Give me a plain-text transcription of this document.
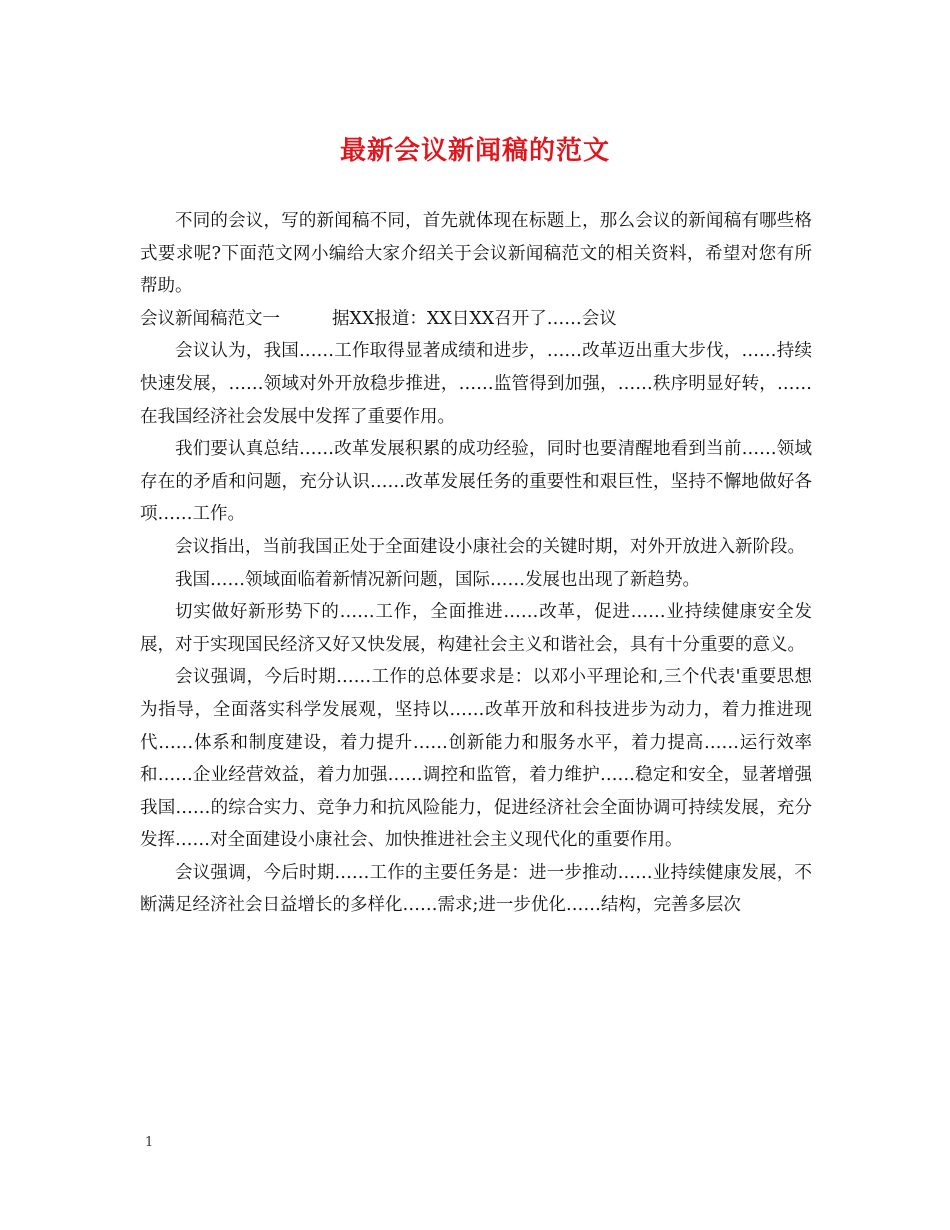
最新会议新闻稿的范文

不同的会议，写的新闻稿不同，首先就体现在标题上，那么会议的新闻稿有哪些格式要求呢?下面范文网小编给大家介绍关于会议新闻稿范文的相关资料，希望对您有所帮助。

会议新闻稿范文一	据XX报道：XX日XX召开了……会议

会议认为，我国……工作取得显著成绩和进步，……改革迈出重大步伐，……持续快速发展，……领域对外开放稳步推进，……监管得到加强，……秩序明显好转，……在我国经济社会发展中发挥了重要作用。

我们要认真总结……改革发展积累的成功经验，同时也要清醒地看到当前……领域存在的矛盾和问题，充分认识……改革发展任务的重要性和艰巨性，坚持不懈地做好各项……工作。

会议指出，当前我国正处于全面建设小康社会的关键时期，对外开放进入新阶段。

我国……领域面临着新情况新问题，国际……发展也出现了新趋势。

切实做好新形势下的……工作，全面推进……改革，促进……业持续健康安全发展，对于实现国民经济又好又快发展，构建社会主义和谐社会，具有十分重要的意义。

会议强调，今后时期……工作的总体要求是：以邓小平理论和,三个代表'重要思想为指导，全面落实科学发展观，坚持以……改革开放和科技进步为动力，着力推进现代……体系和制度建设，着力提升……创新能力和服务水平，着力提高……运行效率和……企业经营效益，着力加强……调控和监管，着力维护……稳定和安全，显著增强我国……的综合实力、竞争力和抗风险能力，促进经济社会全面协调可持续发展，充分发挥……对全面建设小康社会、加快推进社会主义现代化的重要作用。

会议强调，今后时期……工作的主要任务是：进一步推动……业持续健康发展，不断满足经济社会日益增长的多样化……需求;进一步优化……结构，完善多层次

1
